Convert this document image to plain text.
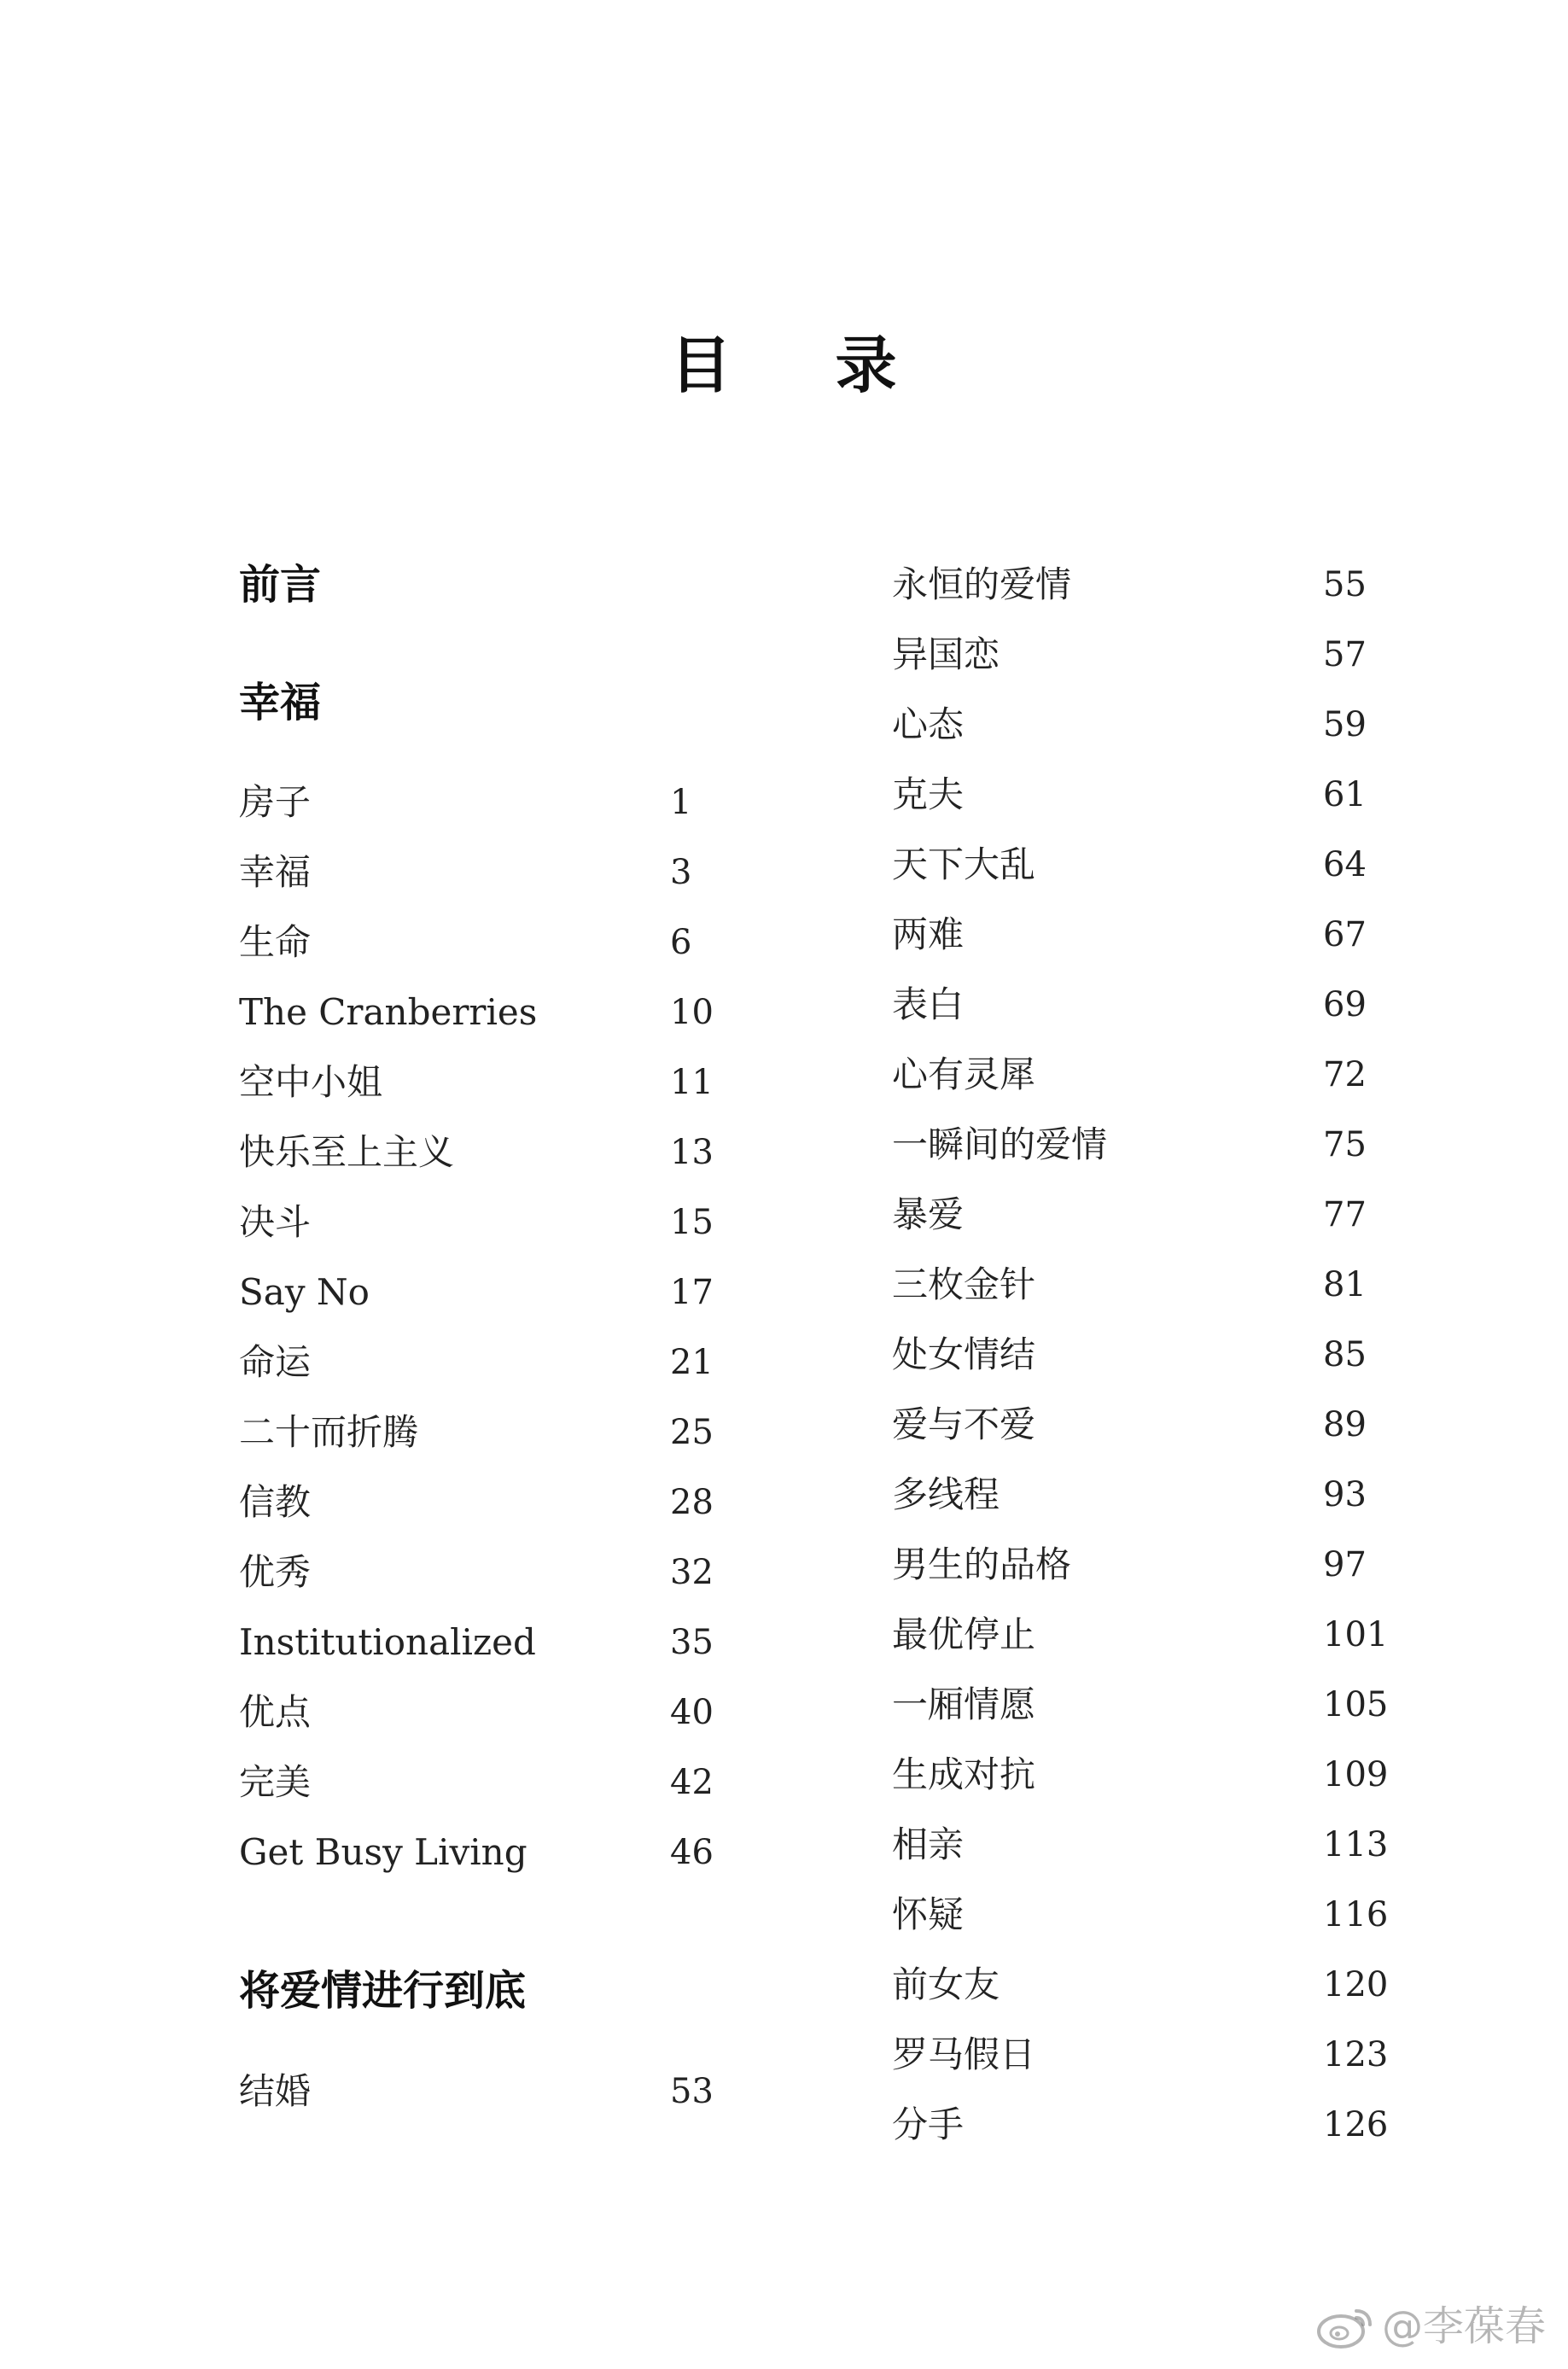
目 录
前言
幸福
房子	1
幸福	3
生命	6
The Cranberries	10
空中小姐	11
快乐至上主义	13
决斗	15
Say No	17
命运	21
二十而折腾	25
信教	28
优秀	32
Institutionalized	35
优点	40
完美	42
Get Busy Living	46
将爱情进行到底
结婚	53
永恒的爱情	55
异国恋	57
心态	59
克夫	61
天下大乱	64
两难	67
表白	69
心有灵犀	72
一瞬间的爱情	75
暴爱	77
三枚金针	81
处女情结	85
爱与不爱	89
多线程	93
男生的品格	97
最优停止	101
一厢情愿	105
生成对抗	109
相亲	113
怀疑	116
前女友	120
罗马假日	123
分手	126
@李葆春
